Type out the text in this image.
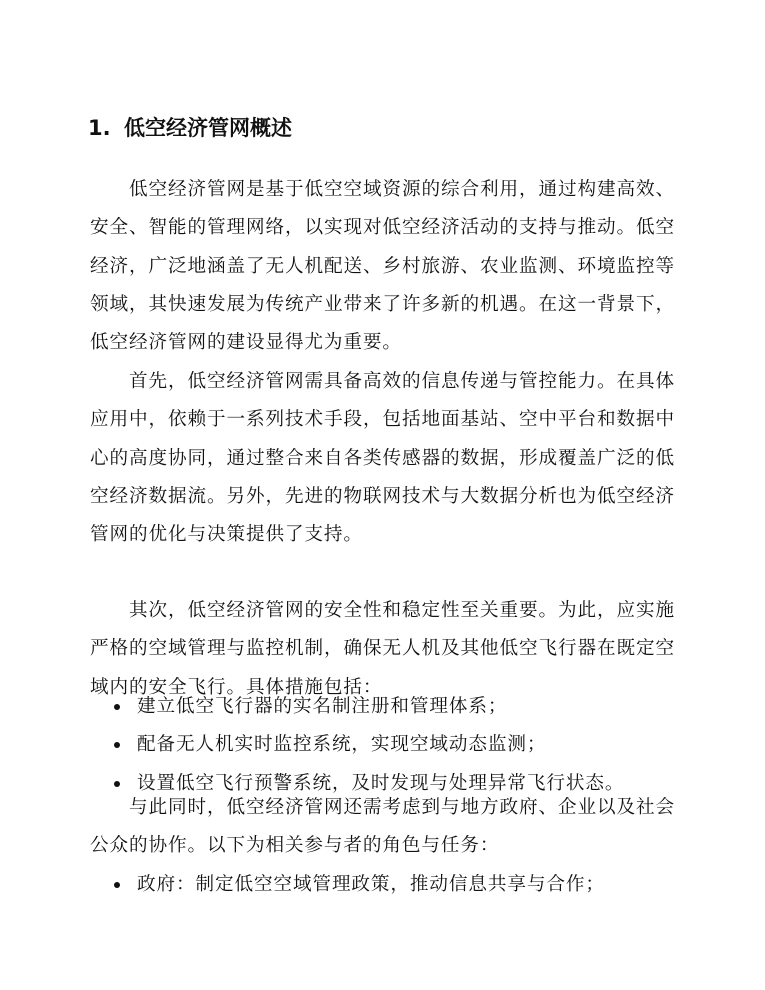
1. 低空经济管网概述

低空经济管网是基于低空空域资源的综合利用，通过构建高效、安全、智能的管理网络，以实现对低空经济活动的支持与推动。低空经济，广泛地涵盖了无人机配送、乡村旅游、农业监测、环境监控等领域，其快速发展为传统产业带来了许多新的机遇。在这一背景下，低空经济管网的建设显得尤为重要。

首先，低空经济管网需具备高效的信息传递与管控能力。在具体应用中，依赖于一系列技术手段，包括地面基站、空中平台和数据中心的高度协同，通过整合来自各类传感器的数据，形成覆盖广泛的低空经济数据流。另外，先进的物联网技术与大数据分析也为低空经济管网的优化与决策提供了支持。

其次，低空经济管网的安全性和稳定性至关重要。为此，应实施严格的空域管理与监控机制，确保无人机及其他低空飞行器在既定空域内的安全飞行。具体措施包括：

建立低空飞行器的实名制注册和管理体系；
配备无人机实时监控系统，实现空域动态监测；
设置低空飞行预警系统，及时发现与处理异常飞行状态。

与此同时，低空经济管网还需考虑到与地方政府、企业以及社会公众的协作。以下为相关参与者的角色与任务：

政府：制定低空空域管理政策，推动信息共享与合作；
